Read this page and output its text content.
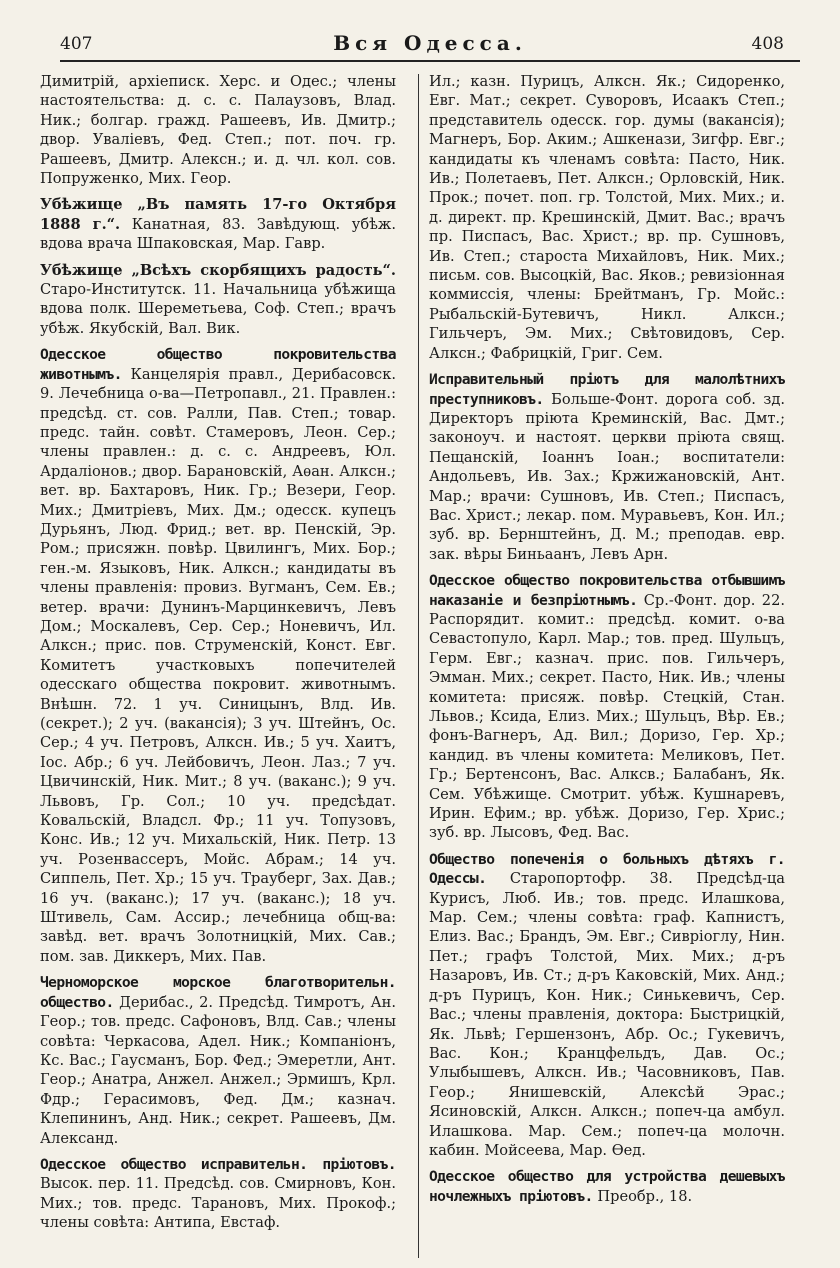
407	Вся Одесса.	408

Димитрій, архіеписк. Херс. и Одес.; члены настоятельства: д. с. с. Палаузовъ, Влад. Ник.; болгар. гражд. Рашеевъ, Ив. Дмитр.; двор. Уваліевъ, Фед. Степ.; пот. поч. гр. Рашеевъ, Дмитр. Алексн.; и. д. чл. кол. сов. Попруженко, Мих. Геор.

Убѣжище „Въ память 17-го Октября 1888 г.“. Канатная, 83. Завѣдующ. убѣж. вдова врача Шпаковская, Мар. Гавр.

Убѣжище „Всѣхъ скорбящихъ радость“. Старо-Институтск. 11. Начальница убѣжища вдова полк. Шереметьева, Соф. Степ.; врачъ убѣж. Якубскій, Вал. Вик.

Одесское общество покровительства животнымъ. Канцелярія правл., Дерибасовск. 9. Лечебница о-ва—Петропавл., 21. Правлен.: предсѣд. ст. сов. Ралли, Пав. Степ.; товар. предс. тайн. совѣт. Стамеровъ, Леон. Сер.; члены правлен.: д. с. с. Андреевъ, Юл. Ардаліонов.; двор. Барановскій, Аѳан. Алксн.; вет. вр. Бахтаровъ, Ник. Гр.; Везери, Геор. Мих.; Дмитріевъ, Мих. Дм.; одесск. купецъ Дурьянъ, Люд. Фрид.; вет. вр. Пенскій, Эр. Ром.; присяжн. повѣр. Цвилингъ, Мих. Бор.; ген.-м. Языковъ, Ник. Алксн.; кандидаты въ члены правленія: провиз. Вугманъ, Сем. Ев.; ветер. врачи: Дунинъ-Марцинкевичъ, Левъ Дом.; Москалевъ, Сер. Сер.; Ноневичъ, Ил. Алксн.; прис. пов. Струменскій, Конст. Евг. Комитетъ участковыхъ попечителей одесскаго общества покровит. животнымъ. Внѣшн. 72. 1 уч. Синицынъ, Влд. Ив. (секрет.); 2 уч. (вакансія); 3 уч. Штейнъ, Ос. Сер.; 4 уч. Петровъ, Алксн. Ив.; 5 уч. Хаитъ, Іос. Абр.; 6 уч. Лейбовичъ, Леон. Лаз.; 7 уч. Цвичинскій, Ник. Мит.; 8 уч. (ваканс.); 9 уч. Львовъ, Гр. Сол.; 10 уч. предсѣдат. Ковальскій, Владсл. Фр.; 11 уч. Топузовъ, Конс. Ив.; 12 уч. Михальскій, Ник. Петр. 13 уч. Розенвассеръ, Мойс. Абрам.; 14 уч. Сиппель, Пет. Хр.; 15 уч. Трауберг, Зах. Дав.; 16 уч. (ваканс.); 17 уч. (ваканс.); 18 уч. Штивель, Сам. Ассир.; лечебница общ-ва: завѣд. вет. врачъ Золотницкій, Мих. Сав.; пом. зав. Диккеръ, Мих. Пав.

Черноморское морское благотворительн. общество. Дерибас., 2. Предсѣд. Тимротъ, Ан. Геор.; тов. предс. Сафоновъ, Влд. Сав.; члены совѣта: Черкасова, Адел. Ник.; Компаніонъ, Кс. Вас.; Гаусманъ, Бор. Фед.; Эмеретли, Ант. Геор.; Анатра, Анжел. Анжел.; Эрмишъ, Крл. Фдр.; Герасимовъ, Фед. Дм.; казнач. Клепининъ, Анд. Ник.; секрет. Рашеевъ, Дм. Александ.

Одесское общество исправительн. пріютовъ. Высок. пер. 11. Предсѣд. сов. Смирновъ, Кон. Мих.; тов. предс. Тарановъ, Мих. Прокоф.; члены совѣта: Антипа, Евстаф.

Ил.; казн. Пурицъ, Алксн. Як.; Сидоренко, Евг. Мат.; секрет. Суворовъ, Исаакъ Степ.; представитель одесск. гор. думы (вакансія); Магнеръ, Бор. Аким.; Ашкенази, Зигфр. Евг.; кандидаты къ членамъ совѣта: Пасто, Ник. Ив.; Полетаевъ, Пет. Алксн.; Орловскій, Ник. Прок.; почет. поп. гр. Толстой, Мих. Мих.; и. д. директ. пр. Крешинскій, Дмит. Вас.; врачъ пр. Писпасъ, Вас. Христ.; вр. пр. Сушновъ, Ив. Степ.; староста Михайловъ, Ник. Мих.; письм. сов. Высоцкій, Вас. Яков.; ревизіонная коммиссія, члены: Брейтманъ, Гр. Мойс.: Рыбальскій-Бутевичъ, Никл. Алксн.; Гильчеръ, Эм. Мих.; Свѣтовидовъ, Сер. Алксн.; Фабрицкій, Григ. Сем.

Исправительный пріютъ для малолѣтнихъ преступниковъ. Больше-Фонт. дорога соб. зд. Директоръ пріюта Креминскій, Вас. Дмт.; законоуч. и настоят. церкви пріюта свящ. Пещанскій, Іоаннъ Іоан.; воспитатели: Андольевъ, Ив. Зах.; Кржижановскій, Ант. Мар.; врачи: Сушновъ, Ив. Степ.; Писпасъ, Вас. Христ.; лекар. пом. Муравьевъ, Кон. Ил.; зуб. вр. Бернштейнъ, Д. М.; преподав. евр. зак. вѣры Биньаанъ, Левъ Арн.

Одесское общество покровительства отбывшимъ наказаніе и безпріютнымъ. Ср.-Фонт. дор. 22. Распорядит. комит.: предсѣд. комит. о-ва Севастопуло, Карл. Мар.; тов. пред. Шульцъ, Герм. Евг.; казнач. прис. пов. Гильчеръ, Эмман. Мих.; секрет. Пасто, Ник. Ив.; члены комитета: присяж. повѣр. Стецкій, Стан. Львов.; Ксида, Елиз. Мих.; Шульцъ, Вѣр. Ев.; фонъ-Вагнеръ, Ад. Вил.; Доризо, Гер. Хр.; кандид. въ члены комитета: Меликовъ, Пет. Гр.; Бертенсонъ, Вас. Алксв.; Балабанъ, Як. Сем. Убѣжище. Смотрит. убѣж. Кушнаревъ, Ирин. Ефим.; вр. убѣж. Доризо, Гер. Хрис.; зуб. вр. Лысовъ, Фед. Вас.

Общество попеченія о больныхъ дѣтяхъ г. Одессы. Старопортофр. 38. Предсѣд-ца Курисъ, Люб. Ив.; тов. предс. Илашкова, Мар. Сем.; члены совѣта: граф. Капнистъ, Елиз. Вас.; Брандъ, Эм. Евг.; Сивріоглу, Нин. Пет.; графъ Толстой, Мих. Мих.; д-ръ Назаровъ, Ив. Ст.; д-ръ Каковскій, Мих. Анд.; д-ръ Пурицъ, Кон. Ник.; Синькевичъ, Сер. Вас.; члены правленія, доктора: Быстрицкій, Як. Львѣ; Гершензонъ, Абр. Ос.; Гукевичъ, Вас. Кон.; Кранцфельдъ, Дав. Ос.; Улыбышевъ, Алксн. Ив.; Часовниковъ, Пав. Геор.; Янишевскій, Алексѣй Эрас.; Ясиновскій, Алксн. Алксн.; попеч-ца амбул. Илашкова. Мар. Сем.; попеч-ца молочн. кабин. Мойсеева, Мар. Ѳед.

Одесское общество для устройства дешевыхъ ночлежныхъ пріютовъ. Преобр., 18.
